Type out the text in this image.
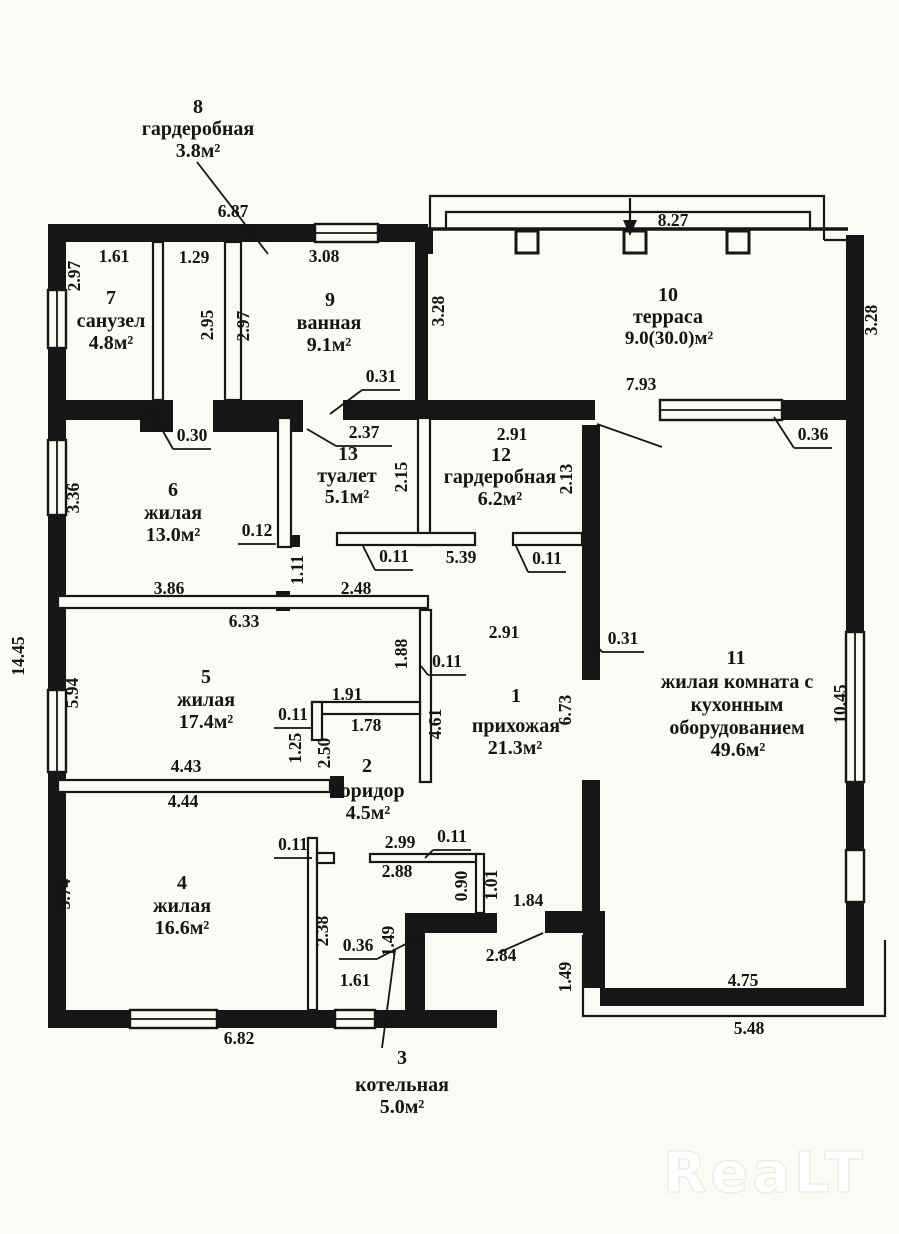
6.87	8.27
1.61	1.29	3.08
2.97
2.95 2.97	3.28	3.28
7.93
0.31
2.37
0.30	2.91
2.15	2.13
3.36
0.12
0.11 5.39	0.11
1.11
3.86	2.48
6.33
2.91	0.31
1.88 0.11
14.45
5.94	1.91
6.73	10.45
0.11
1.78 4.61
1.25 2.50
4.43
4.44
3.74
0.11	2.99 0.11
2.88 0.90 1.01 1.84
2.38	1.49
0.36	2.84
1.49
1.61	4.75
5.48
6.82
0.36
8
гардеробная
3.8м²
7
санузел
4.8м²
9
ванная
9.1м²
10
терраса
9.0(30.0)м²
6
жилая
13.0м²
13
туалет
5.1м²
12
гардеробная
6.2м²
5
жилая
17.4м²
1
прихожая
21.3м²
11
жилая комната с
кухонным
оборудованием
49.6м²
2
коридор
4.5м²
4
жилая
16.6м²
3
котельная
5.0м²
ReaLT
